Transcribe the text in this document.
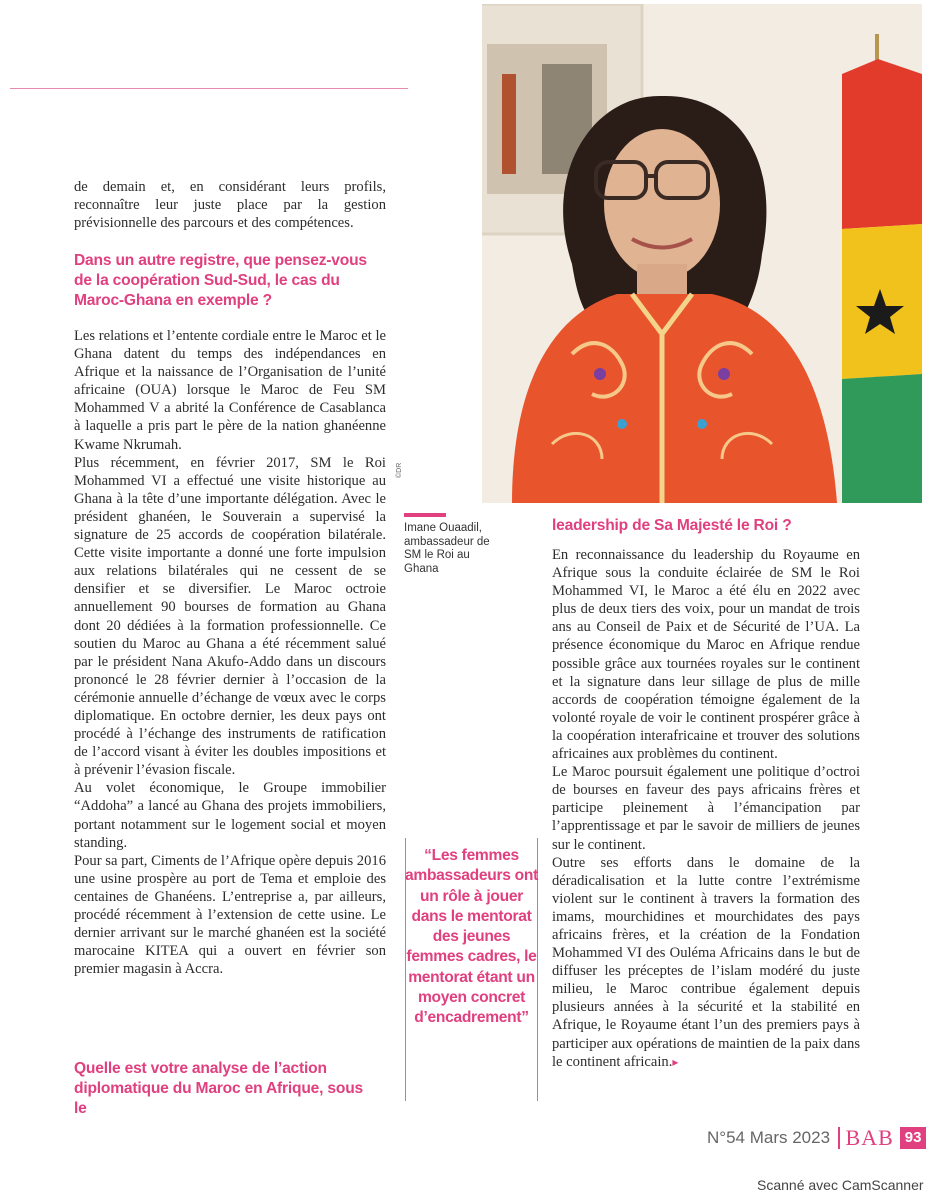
de demain et, en considérant leurs profils, reconnaître leur juste place par la gestion prévisionnelle des parcours et des compétences.

Dans un autre registre, que pensez-vous de la coopération Sud-Sud, le cas du Maroc-Ghana en exemple ?

Les relations et l’entente cordiale entre le Maroc et le Ghana datent du temps des indépendances en Afrique et la naissance de l’Organisation de l’unité africaine (OUA) lorsque le Maroc de Feu SM Mohammed V a abrité la Conférence de Casablanca à laquelle a pris part le père de la nation ghanéenne Kwame Nkrumah.

Plus récemment, en février 2017, SM le Roi Mohammed VI a effectué une visite historique au Ghana à la tête d’une importante délégation. Avec le président ghanéen, le Souverain a supervisé la signature de 25 accords de coopération bilatérale. Cette visite importante a donné une forte impulsion aux relations bilatérales qui ne cessent de se densifier et se diversifier. Le Maroc octroie annuellement 90 bourses de formation au Ghana dont 20 dédiées à la formation professionnelle. Ce soutien du Maroc au Ghana a été récemment salué par le président Nana Akufo-Addo dans un discours prononcé le 28 février dernier à l’occasion de la cérémonie annuelle d’échange de vœux avec le corps diplomatique. En octobre dernier, les deux pays ont procédé à l’échange des instruments de ratification de l’accord visant à éviter les doubles impositions et à prévenir l’évasion fiscale.

Au volet économique, le Groupe immobilier “Addoha” a lancé au Ghana des projets immobiliers, portant notamment sur le logement social et moyen standing.

Pour sa part, Ciments de l’Afrique opère depuis 2016 une usine prospère au port de Tema et emploie des centaines de Ghanéens. L’entreprise a, par ailleurs, procédé récemment à l’extension de cette usine. Le dernier arrivant sur le marché ghanéen est la société marocaine KITEA qui a ouvert en février son premier magasin à Accra.

Quelle est votre analyse de l’action diplomatique du Maroc en Afrique, sous le

©DR
Imane Ouaadil, ambassadeur de SM le Roi au Ghana

leadership de Sa Majesté le Roi ?

En reconnaissance du leadership du Royaume en Afrique sous la conduite éclairée de SM le Roi Mohammed VI, le Maroc a été élu en 2022 avec plus de deux tiers des voix, pour un mandat de trois ans au Conseil de Paix et de Sécurité de l’UA. La présence économique du Maroc en Afrique rendue possible grâce aux tournées royales sur le continent et la signature dans leur sillage de plus de mille accords de coopération témoigne également de la volonté royale de voir le continent prospérer grâce à la coopération interafricaine et trouver des solutions africaines aux problèmes du continent.

Le Maroc poursuit également une politique d’octroi de bourses en faveur des pays africains frères et participe pleinement à l’émancipation par l’apprentissage et par le savoir de milliers de jeunes sur le continent.

Outre ses efforts dans le domaine de la déradicalisation et la lutte contre l’extrémisme violent sur le continent à travers la formation des imams, mourchidines et mourchidates des pays africains frères, et la création de la Fondation Mohammed VI des Ouléma Africains dans le but de diffuser les préceptes de l’islam modéré du juste milieu, le Maroc contribue également depuis plusieurs années à la sécurité et la stabilité en Afrique, le Royaume étant l’un des premiers pays à participer aux opérations de maintien de la paix dans le continent africain.▸

“Les femmes ambassadeurs ont un rôle à jouer dans le mentorat des jeunes femmes cadres, le mentorat étant un moyen concret d’encadrement”
N°54 Mars 2023 BAB 93
Scanné avec CamScanner
